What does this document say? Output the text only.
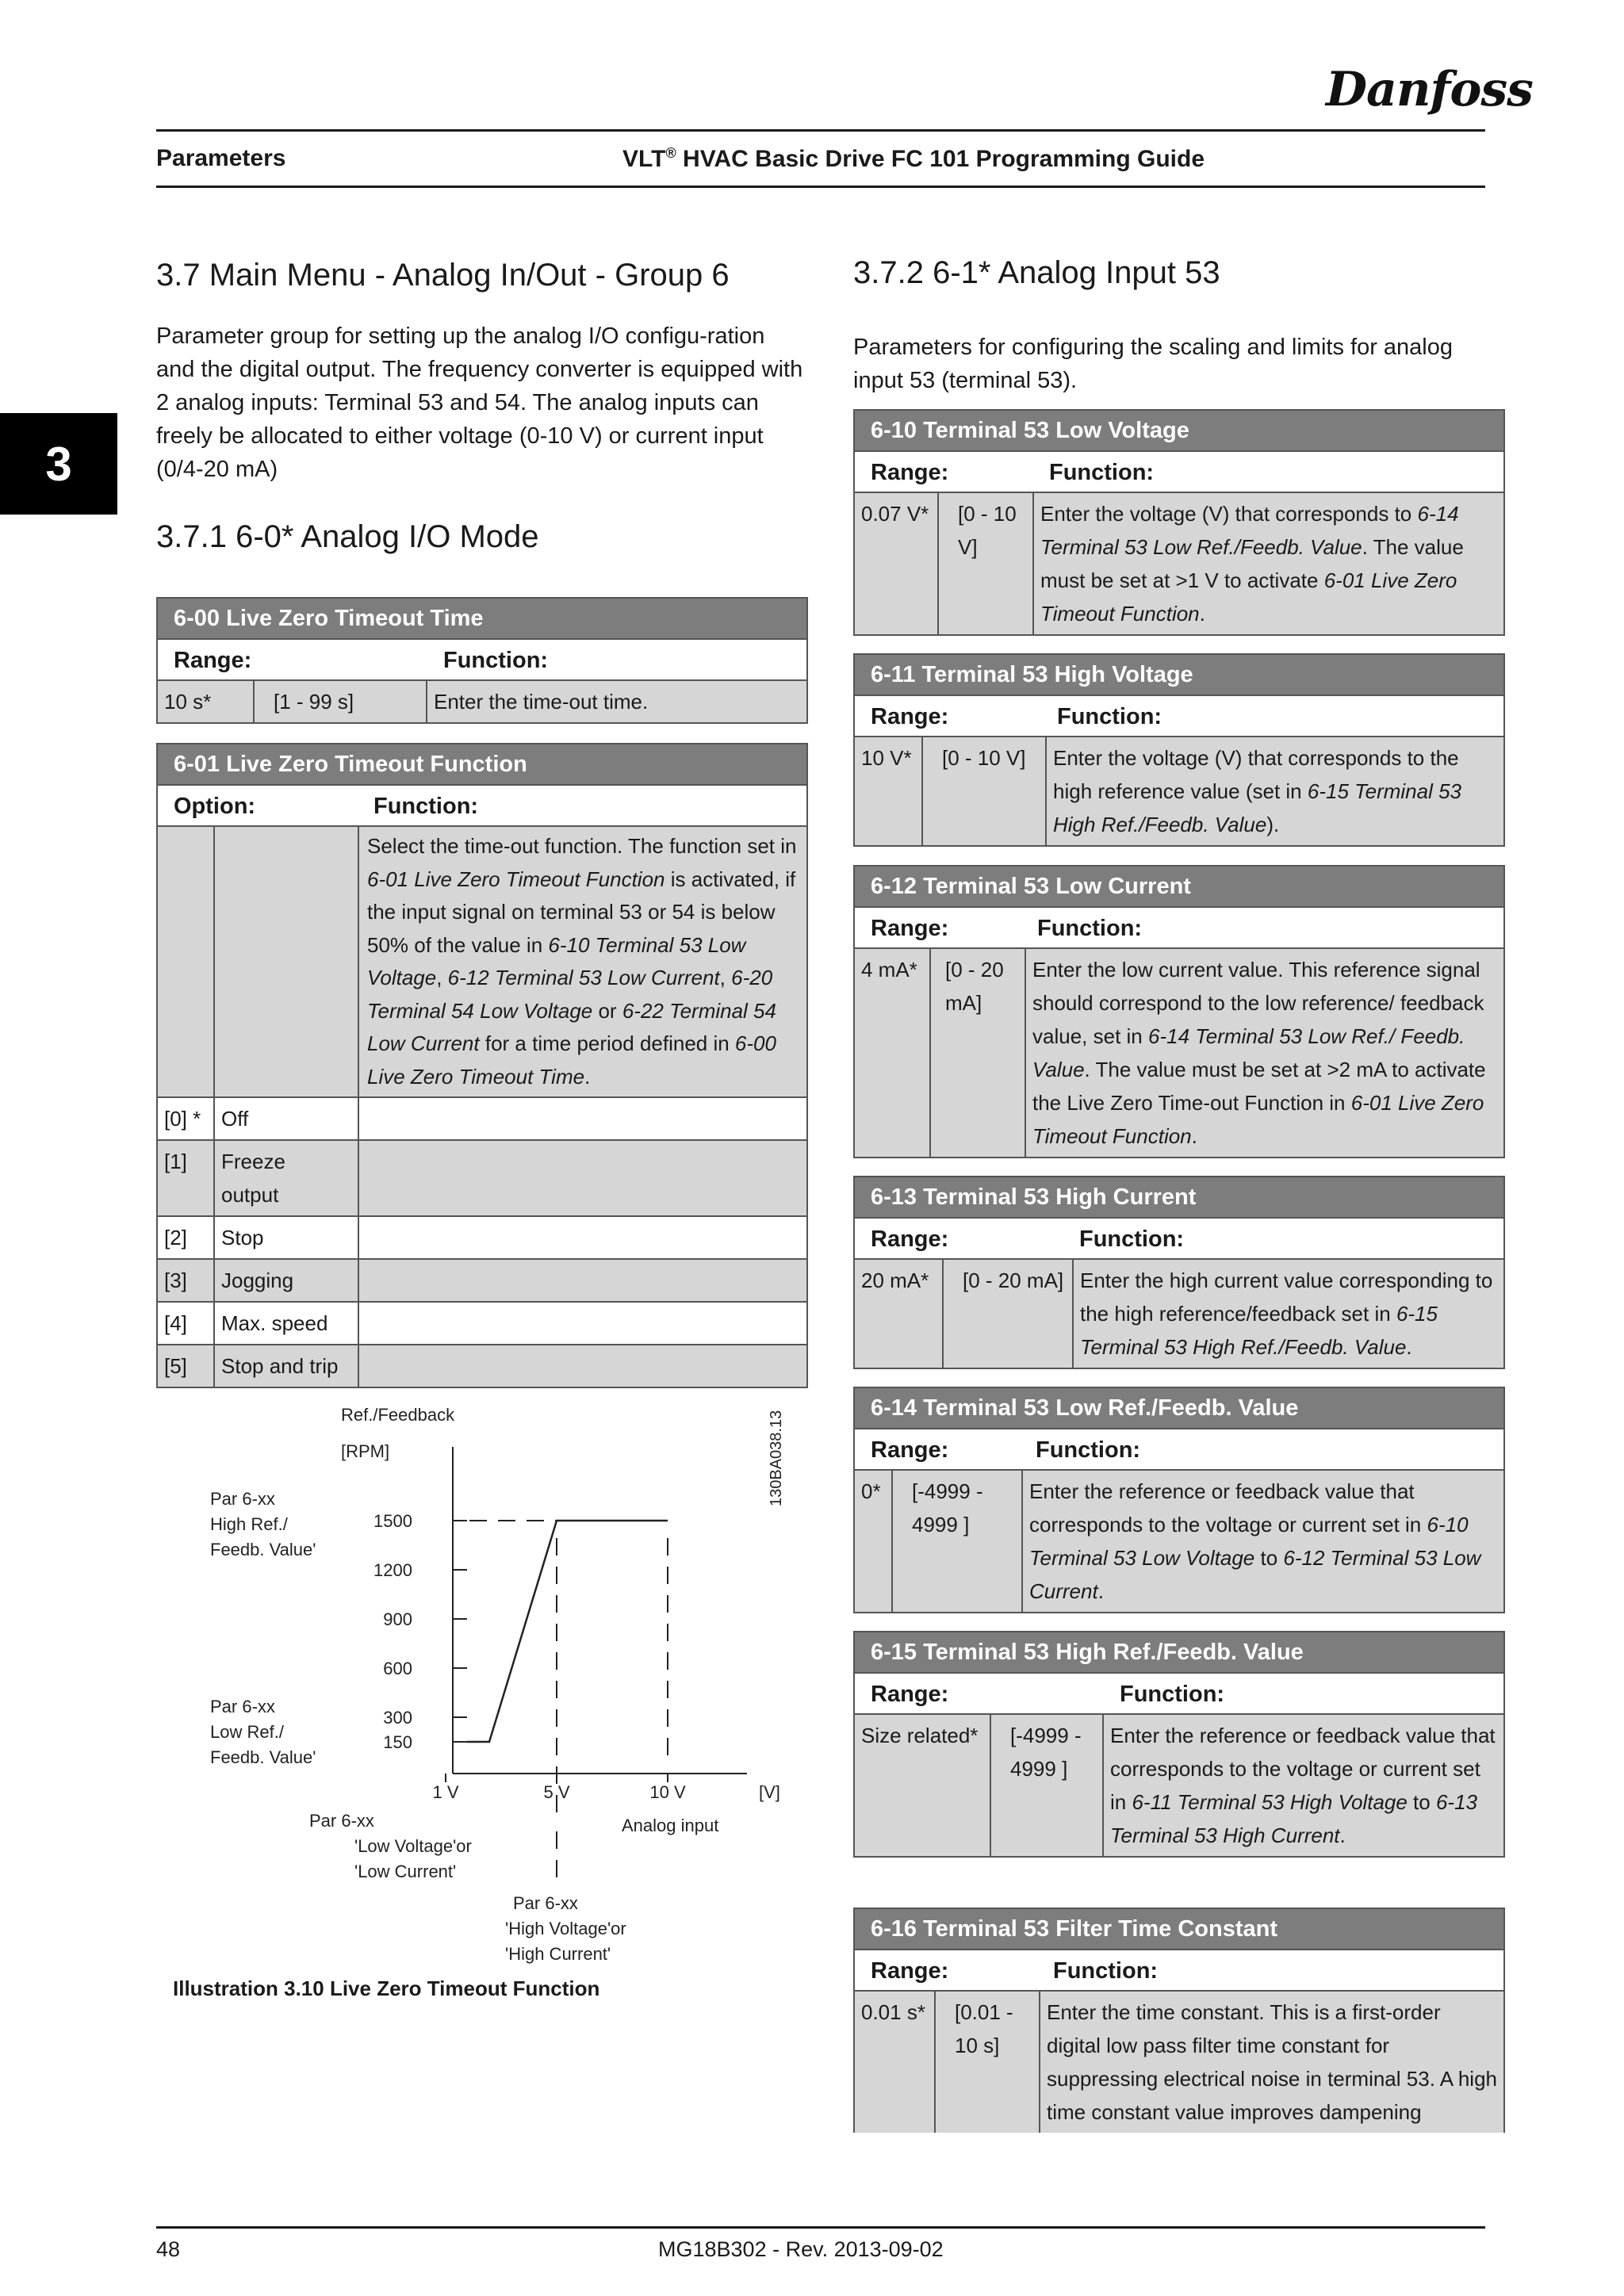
Danfoss
Parameters	VLT® HVAC Basic Drive FC 101 Programming Guide
3
3.7 Main Menu - Analog In/Out - Group 6

Parameter group for setting up the analog I/O configu-ration and the digital output. The frequency converter is equipped with 2 analog inputs: Terminal 53 and 54. The analog inputs can freely be allocated to either voltage (0-10 V) or current input (0/4-20 mA)

3.7.1 6-0* Analog I/O Mode
6-00 Live Zero Timeout Time
Range:	Function:
10 s*	[1 - 99 s]	Enter the time-out time.
6-01 Live Zero Timeout Function
Option:	Function:
Select the time-out function. The function set in 6-01 Live Zero Timeout Function is activated, if the input signal on terminal 53 or 54 is below 50% of the value in 6-10 Terminal 53 Low Voltage, 6-12 Terminal 53 Low Current, 6-20 Terminal 54 Low Voltage or 6-22 Terminal 54 Low Current for a time period defined in 6-00 Live Zero Timeout Time.
[0] * Off
[1]	Freeze output
[2]	Stop
[3]	Jogging
[4]	Max. speed
[5]	Stop and trip
Ref./Feedback
[RPM]
1500
1200
900
600
300
150
1 V	5 V	10 V	[V]
Analog input
Par 6-xx
High Ref./
Feedb. Value'
Par 6-xx
Low Ref./
Feedb. Value'
Par 6-xx
'Low Voltage'or
'Low Current'
Par 6-xx
'High Voltage'or
'High Current'
130BA038.13
Illustration 3.10 Live Zero Timeout Function
3.7.2 6-1* Analog Input 53

Parameters for configuring the scaling and limits for analog input 53 (terminal 53).

6-10 Terminal 53 Low Voltage
Range:	Function:
0.07 V*	[0 - 10 V]
Enter the voltage (V) that corresponds to 6-14 Terminal 53 Low Ref./Feedb. Value. The value must be set at >1 V to activate 6-01 Live Zero Timeout Function.
6-11 Terminal 53 High Voltage
Range:	Function:
10 V*	[0 - 10 V]	Enter the voltage (V) that corresponds to the high reference value (set in 6-15 Terminal 53 High Ref./Feedb. Value).
6-12 Terminal 53 Low Current
Range:	Function:
4 mA*	[0 - 20 mA]
Enter the low current value. This reference signal should correspond to the low reference/ feedback value, set in 6-14 Terminal 53 Low Ref./ Feedb. Value. The value must be set at >2 mA to activate the Live Zero Time-out Function in 6-01 Live Zero Timeout Function.
6-13 Terminal 53 High Current
Range:	Function:
20 mA*	[0 - 20 mA] Enter the high current value corresponding to the high reference/feedback set in 6-15 Terminal 53 High Ref./Feedb. Value.
6-14 Terminal 53 Low Ref./Feedb. Value
Range:	Function:
0*	[-4999 - 4999 ]
Enter the reference or feedback value that corresponds to the voltage or current set in 6-10 Terminal 53 Low Voltage to 6-12 Terminal 53 Low Current.
6-15 Terminal 53 High Ref./Feedb. Value
Range:	Function:
Size related*	[-4999 - 4999 ]
Enter the reference or feedback value that corresponds to the voltage or current set in 6-11 Terminal 53 High Voltage to 6-13 Terminal 53 High Current.
6-16 Terminal 53 Filter Time Constant
Range:	Function:
0.01 s*	[0.01 - 10 s]
Enter the time constant. This is a first-order digital low pass filter time constant for suppressing electrical noise in terminal 53. A high time constant value improves dampening
48	MG18B302 - Rev. 2013-09-02
